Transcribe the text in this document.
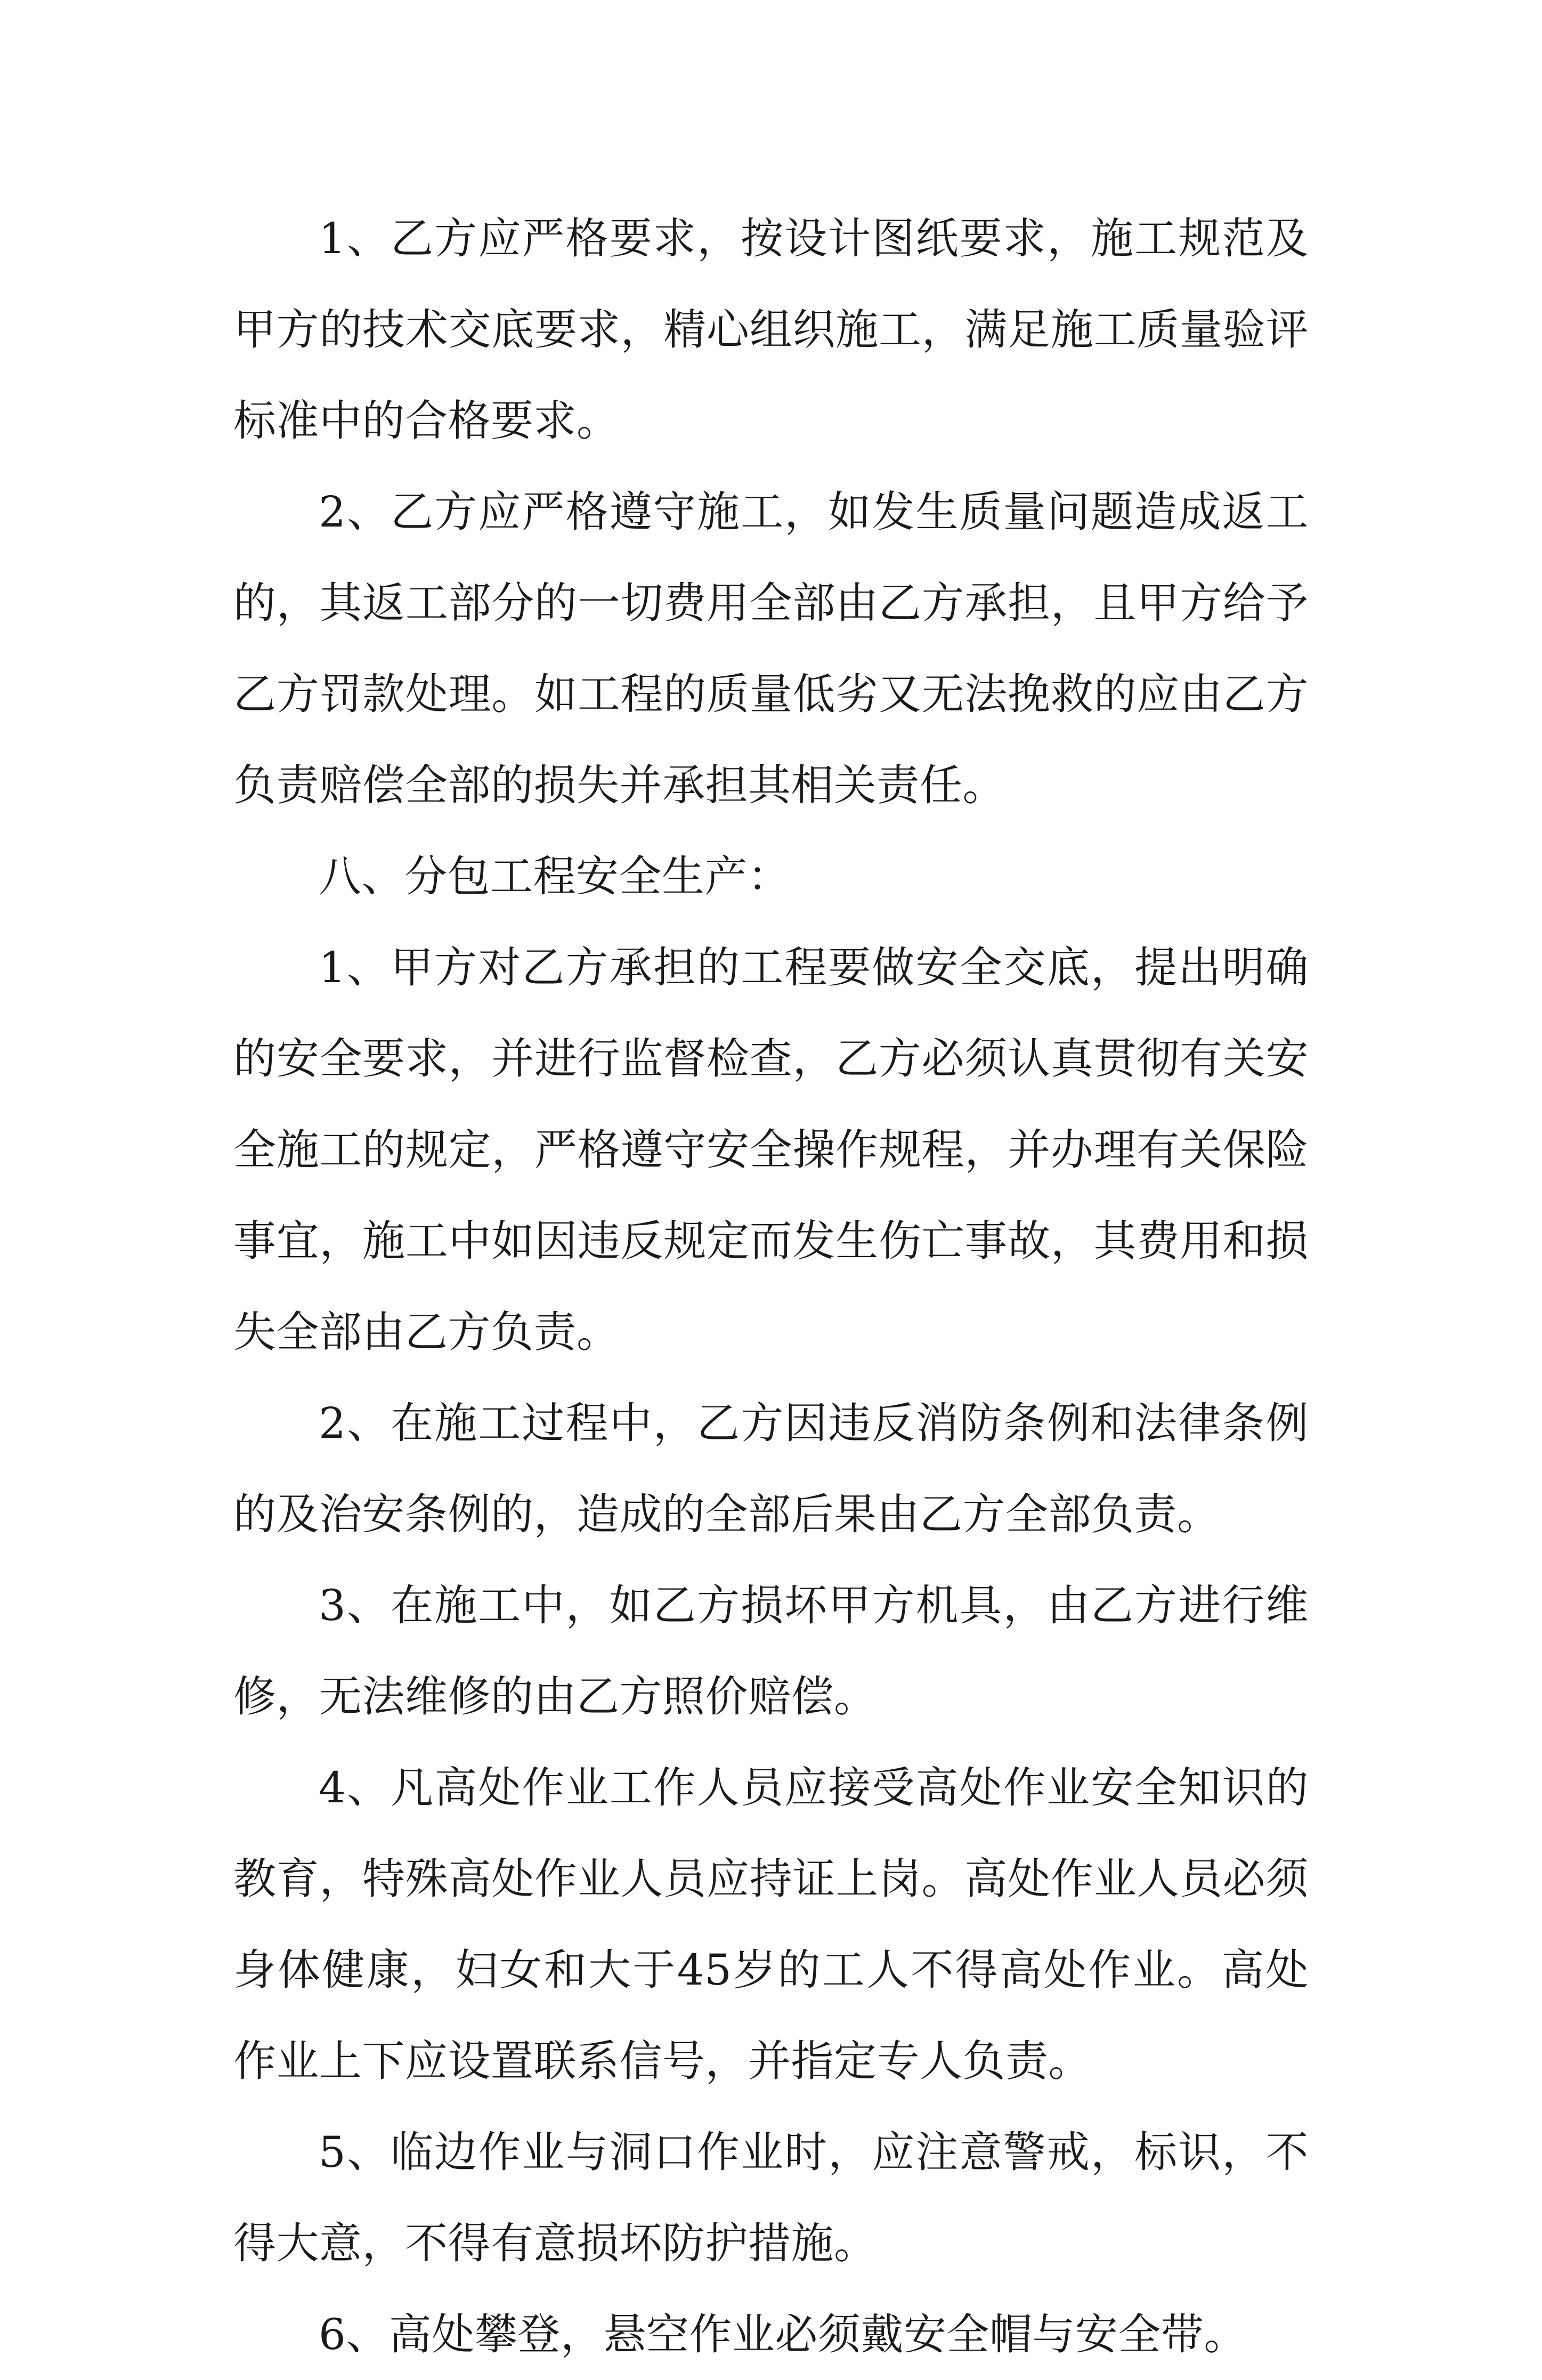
1、乙方应严格要求，按设计图纸要求，施工规范及甲方的技术交底要求，精心组织施工，满足施工质量验评标准中的合格要求。

2、乙方应严格遵守施工，如发生质量问题造成返工的，其返工部分的一切费用全部由乙方承担，且甲方给予乙方罚款处理。如工程的质量低劣又无法挽救的应由乙方负责赔偿全部的损失并承担其相关责任。

八、分包工程安全生产：

1、甲方对乙方承担的工程要做安全交底，提出明确的安全要求，并进行监督检查，乙方必须认真贯彻有关安全施工的规定，严格遵守安全操作规程，并办理有关保险事宜，施工中如因违反规定而发生伤亡事故，其费用和损失全部由乙方负责。

2、在施工过程中，乙方因违反消防条例和法律条例的及治安条例的，造成的全部后果由乙方全部负责。

3、在施工中，如乙方损坏甲方机具，由乙方进行维修，无法维修的由乙方照价赔偿。

4、凡高处作业工作人员应接受高处作业安全知识的教育，特殊高处作业人员应持证上岗。高处作业人员必须身体健康，妇女和大于45岁的工人不得高处作业。高处作业上下应设置联系信号，并指定专人负责。

5、临边作业与洞口作业时，应注意警戒，标识，不得大意，不得有意损坏防护措施。

6、高处攀登，悬空作业必须戴安全帽与安全带。
